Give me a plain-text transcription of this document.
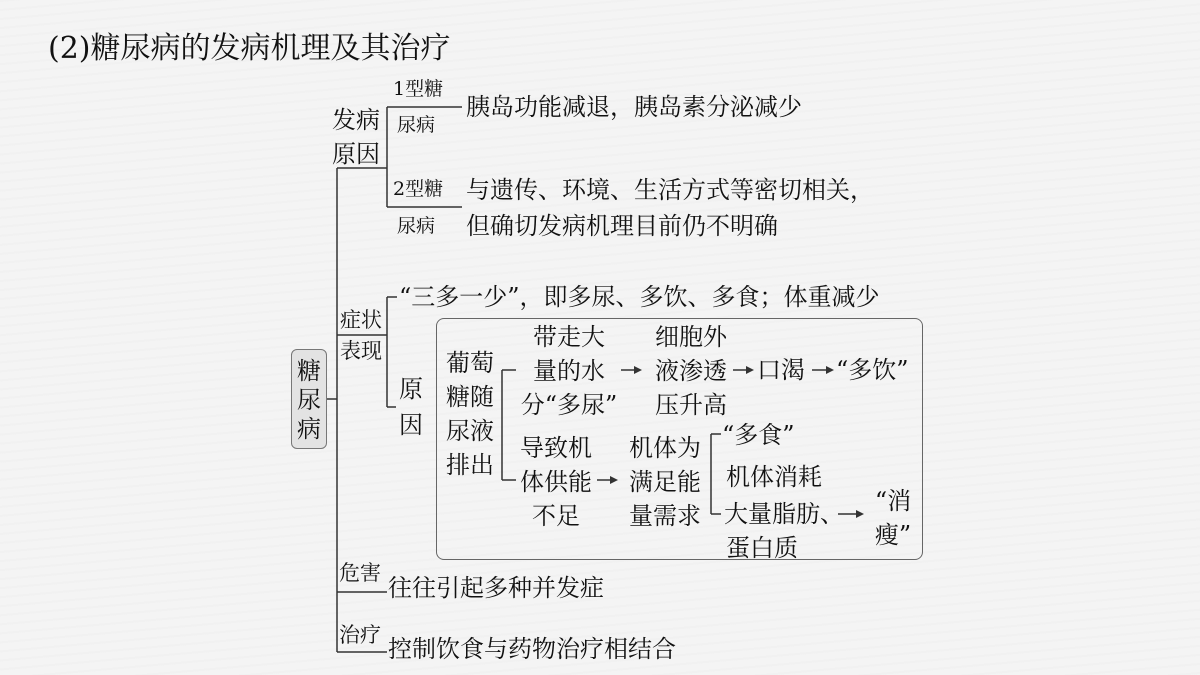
(2)糖尿病的发病机理及其治疗
糖
尿
病
发病
原因
1型糖
尿病
胰岛功能减退，胰岛素分泌减少
2型糖
尿病
与遗传、环境、生活方式等密切相关，
但确切发病机理目前仍不明确
症状
表现
“三多一少”，即多尿、多饮、多食；体重减少
原
因
葡萄
糖随
尿液
排出
带走大
量的水
分“多尿”
细胞外
液渗透
压升高
口渴 “多饮”
导致机
体供能
不足
机体为
满足能
量需求
“多食”
机体消耗
大量脂肪、
蛋白质
“消
瘦”
危害
往往引起多种并发症
治疗 控制饮食与药物治疗相结合
